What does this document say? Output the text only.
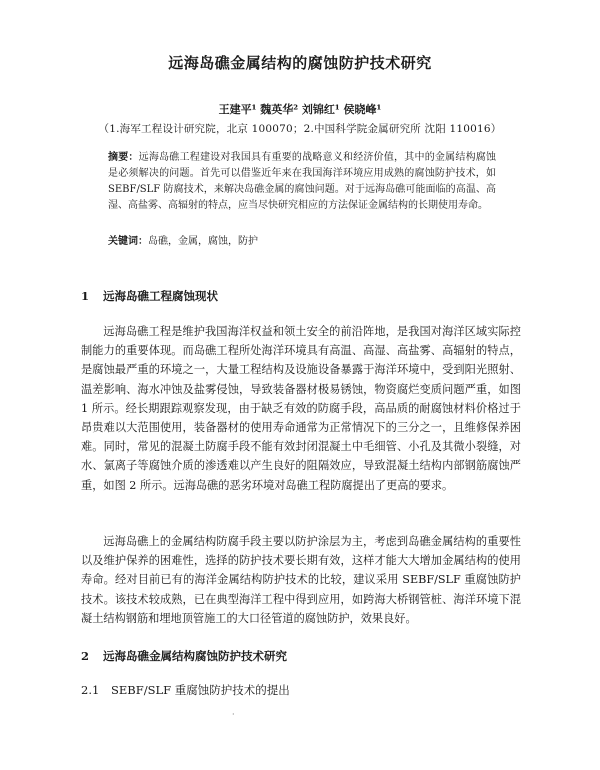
远海岛礁金属结构的腐蚀防护技术研究
王建平¹ 魏英华² 刘锦红¹ 侯晓峰¹
（1.海军工程设计研究院，北京 100070；2.中国科学院金属研究所 沈阳 110016）
摘要：远海岛礁工程建设对我国具有重要的战略意义和经济价值，其中的金属结构腐蚀是必须解决的问题。首先可以借鉴近年来在我国海洋环境应用成熟的腐蚀防护技术，如 SEBF/SLF 防腐技术，来解决岛礁金属的腐蚀问题。对于远海岛礁可能面临的高温、高湿、高盐雾、高辐射的特点，应当尽快研究相应的方法保证金属结构的长期使用寿命。
关键词：岛礁，金属，腐蚀，防护
1 远海岛礁工程腐蚀现状
远海岛礁工程是维护我国海洋权益和领土安全的前沿阵地，是我国对海洋区域实际控制能力的重要体现。而岛礁工程所处海洋环境具有高温、高湿、高盐雾、高辐射的特点，是腐蚀最严重的环境之一，大量工程结构及设施设备暴露于海洋环境中，受到阳光照射、温差影响、海水冲蚀及盐雾侵蚀，导致装备器材极易锈蚀，物资腐烂变质问题严重，如图 1 所示。经长期跟踪观察发现，由于缺乏有效的防腐手段，高品质的耐腐蚀材料价格过于昂贵难以大范围使用，装备器材的使用寿命通常为正常情况下的三分之一，且维修保养困难。同时，常见的混凝土防腐手段不能有效封闭混凝土中毛细管、小孔及其微小裂缝，对水、氯离子等腐蚀介质的渗透难以产生良好的阻隔效应，导致混凝土结构内部钢筋腐蚀严重，如图 2 所示。远海岛礁的恶劣环境对岛礁工程防腐提出了更高的要求。
远海岛礁上的金属结构防腐手段主要以防护涂层为主，考虑到岛礁金属结构的重要性以及维护保养的困难性，选择的防护技术要长期有效，这样才能大大增加金属结构的使用寿命。经对目前已有的海洋金属结构防护技术的比较，建议采用 SEBF/SLF 重腐蚀防护技术。该技术较成熟，已在典型海洋工程中得到应用，如跨海大桥钢管桩、海洋环境下混凝土结构钢筋和埋地顶管施工的大口径管道的腐蚀防护，效果良好。
2 远海岛礁金属结构腐蚀防护技术研究
2.1 SEBF/SLF 重腐蚀防护技术的提出
·
